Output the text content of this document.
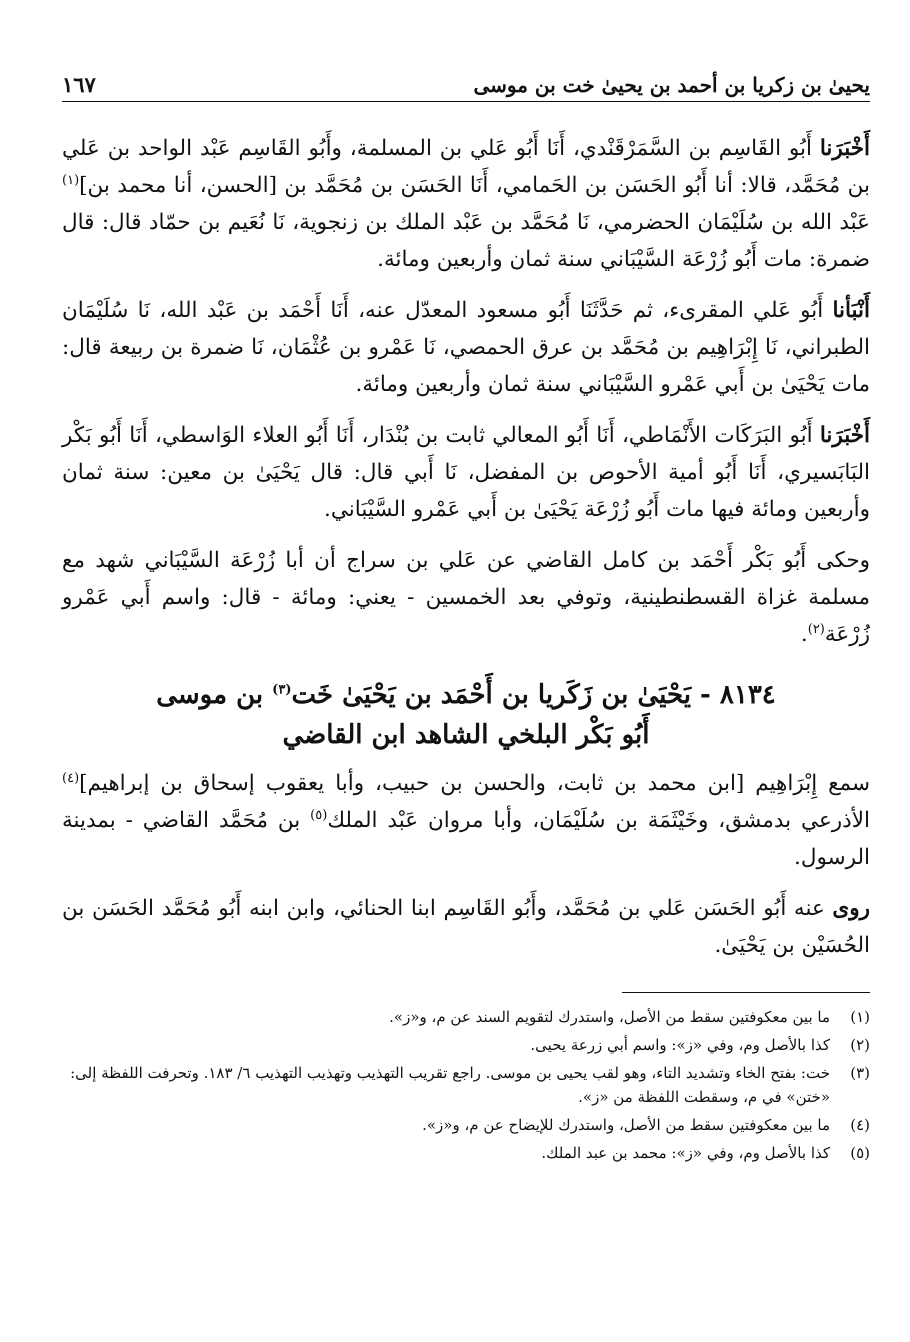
يحيىٰ بن زكريا بن أحمد بن يحيىٰ خت بن موسى
١٦٧

أَخْبَرَنا أَبُو القَاسِم بن السَّمَرْقَنْدي، أَنَا أَبُو عَلي بن المسلمة، وأَبُو القَاسِم عَبْد الواحد بن عَلي بن مُحَمَّد، قالا: أنا أَبُو الحَسَن بن الحَمامي، أَنَا الحَسَن بن مُحَمَّد بن [الحسن، أنا محمد بن]$^{(١)}$ عَبْد الله بن سُلَيْمَان الحضرمي، نَا مُحَمَّد بن عَبْد الملك بن زنجوية، نَا نُعَيم بن حمّاد قال: قال ضمرة: مات أَبُو زُرْعَة السَّيْبَاني سنة ثمان وأربعين ومائة.

أَنْبَأنا أَبُو عَلي المقرىء، ثم حَدَّثَنَا أَبُو مسعود المعدّل عنه، أَنَا أَحْمَد بن عَبْد الله، نَا سُلَيْمَان الطبراني، نَا إِبْرَاهِيم بن مُحَمَّد بن عرق الحمصي، نَا عَمْرو بن عُثْمَان، نَا ضمرة بن ربيعة قال: مات يَحْيَىٰ بن أَبي عَمْرو السَّيْبَاني سنة ثمان وأربعين ومائة.

أَخْبَرَنا أَبُو البَرَكَات الأَنْمَاطي، أَنَا أَبُو المعالي ثابت بن بُنْدَار، أَنَا أَبُو العلاء الوَاسطي، أَنَا أَبُو بَكْر البَابَسيري، أَنَا أَبُو أمية الأحوص بن المفضل، نَا أَبي قال: قال يَحْيَىٰ بن معين: سنة ثمان وأربعين ومائة فيها مات أَبُو زُرْعَة يَحْيَىٰ بن أَبي عَمْرو السَّيْبَاني.

وحكى أَبُو بَكْر أَحْمَد بن كامل القاضي عن عَلي بن سراج أن أبا زُرْعَة السَّيْبَاني شهد مع مسلمة غزاة القسطنطينية، وتوفي بعد الخمسين - يعني: ومائة - قال: واسم أَبي عَمْرو زُرْعَة$^{(٢)}$.

٨١٣٤ - يَحْيَىٰ بن زَكَريا بن أَحْمَد بن يَحْيَىٰ خَت$^{(٣)}$ بن موسى
أَبُو بَكْر البلخي الشاهد ابن القاضي

سمع إِبْرَاهِيم [ابن محمد بن ثابت، والحسن بن حبيب، وأبا يعقوب إسحاق بن إبراهيم]$^{(٤)}$ الأذرعي بدمشق، وخَيْثَمَة بن سُلَيْمَان، وأبا مروان عَبْد الملك$^{(٥)}$ بن مُحَمَّد القاضي - بمدينة الرسول.

روى عنه أَبُو الحَسَن عَلي بن مُحَمَّد، وأَبُو القَاسِم ابنا الحنائي، وابن ابنه أَبُو مُحَمَّد الحَسَن بن الحُسَيْن بن يَحْيَىٰ.

(١)
ما بين معكوفتين سقط من الأصل، واستدرك لتقويم السند عن م، و«ز».
(٢)
كذا بالأصل وم، وفي «ز»: واسم أبي زرعة يحيى.
(٣)
خت: بفتح الخاء وتشديد التاء، وهو لقب يحيى بن موسى. راجع تقريب التهذيب وتهذيب التهذيب ٦/ ١٨٣. وتحرفت اللفظة إلى: «ختن» في م، وسقطت اللفظة من «ز».
(٤)
ما بين معكوفتين سقط من الأصل، واستدرك للإيضاح عن م، و«ز».
(٥)
كذا بالأصل وم، وفي «ز»: محمد بن عبد الملك.
